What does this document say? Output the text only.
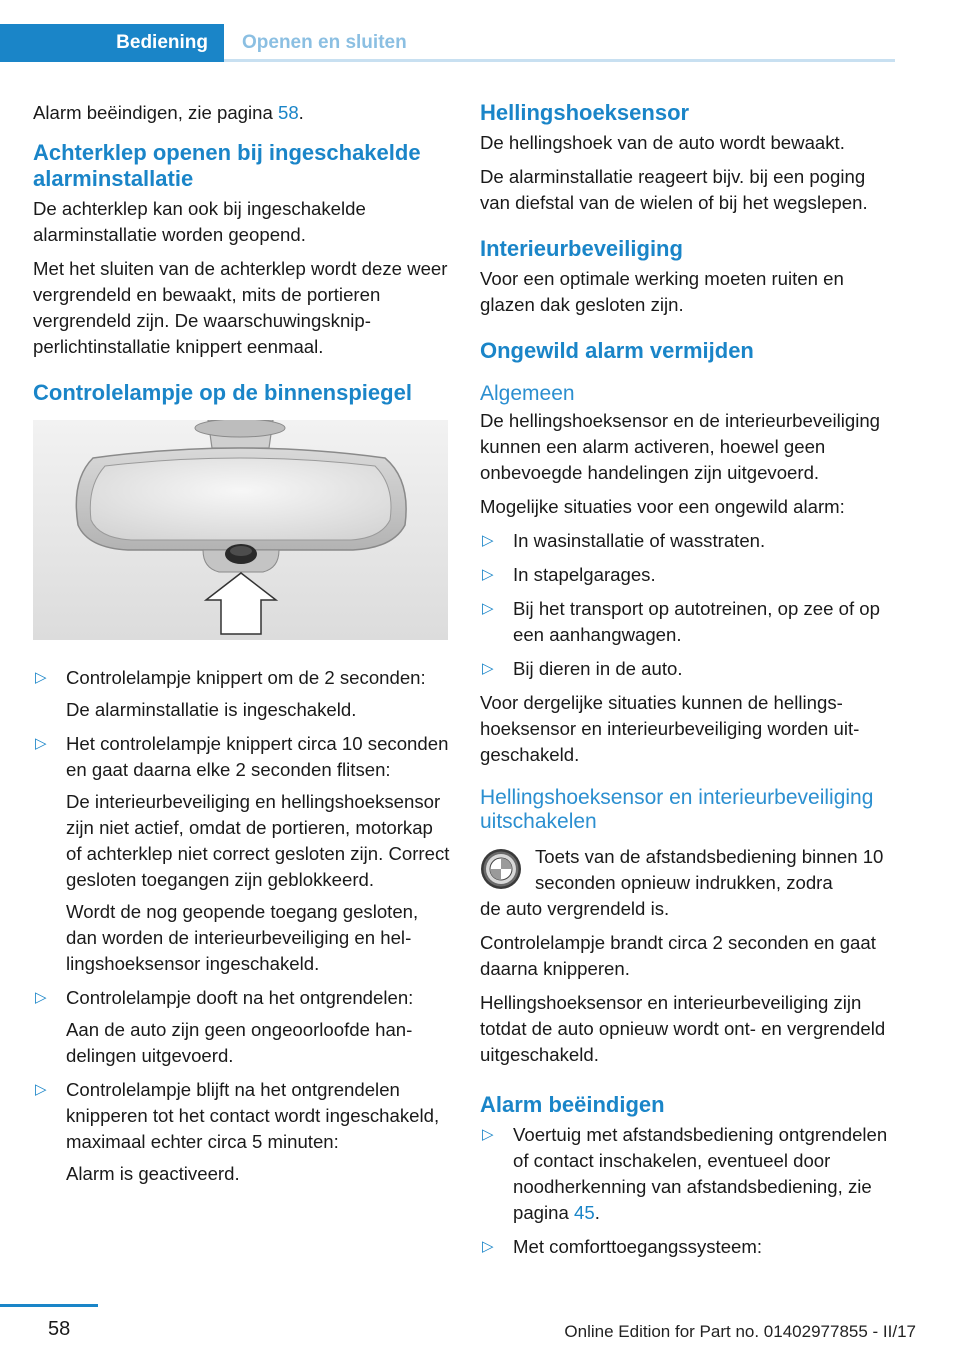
Bediening	Openen en sluiten

Alarm beëindigen, zie pagina 58.

Achterklep openen bij ingeschakelde alarminstallatie

De achterklep kan ook bij ingeschakelde alarminstallatie worden geopend.

Met het sluiten van de achterklep wordt deze weer vergrendeld en bewaakt, mits de portieren vergrendeld zijn. De waarschuwingsknipperlichtinstallatie knippert eenmaal.

Controlelampje op de binnenspiegel
▷ Controlelampje knippert om de 2 seconden:
De alarminstallatie is ingeschakeld.
▷ Het controlelampje knippert circa 10 seconden en gaat daarna elke 2 seconden flitsen:
De interieurbeveiliging en hellingshoeksensor zijn niet actief, omdat de portieren, motorkap of achterklep niet correct gesloten zijn. Correct gesloten toegangen zijn geblokkeerd.
Wordt de nog geopende toegang gesloten, dan worden de interieurbeveiliging en hellingshoeksensor ingeschakeld.
▷ Controlelampje dooft na het ontgrendelen:
Aan de auto zijn geen ongeoorloofde handelingen uitgevoerd.
▷ Controlelampje blijft na het ontgrendelen knipperen tot het contact wordt ingeschakeld, maximaal echter circa 5 minuten:
Alarm is geactiveerd.
Hellingshoeksensor

De hellingshoek van de auto wordt bewaakt.

De alarminstallatie reageert bijv. bij een poging van diefstal van de wielen of bij het wegslepen.

Interieurbeveiliging

Voor een optimale werking moeten ruiten en glazen dak gesloten zijn.

Ongewild alarm vermijden
Algemeen

De hellingshoeksensor en de interieurbeveiliging kunnen een alarm activeren, hoewel geen onbevoegde handelingen zijn uitgevoerd.

Mogelijke situaties voor een ongewild alarm:

▷ In wasinstallatie of wasstraten.
▷ In stapelgarages.
▷ Bij het transport op autotreinen, op zee of op een aanhangwagen.
▷ Bij dieren in de auto.

Voor dergelijke situaties kunnen de hellingshoeksensor en interieurbeveiliging worden uitgeschakeld.

Hellingshoeksensor en interieurbeveiliging uitschakelen
Toets van de afstandsbediening binnen 10 seconden opnieuw indrukken, zodra
de auto vergrendeld is.

Controlelampje brandt circa 2 seconden en gaat daarna knipperen.

Hellingshoeksensor en interieurbeveiliging zijn totdat de auto opnieuw wordt ont- en vergrendeld uitgeschakeld.

Alarm beëindigen
▷ Voertuig met afstandsbediening ontgrendelen of contact inschakelen, eventueel door noodherkenning van afstandsbediening, zie pagina 45.
▷ Met comforttoegangssysteem:
58	Online Edition for Part no. 01402977855 - II/17
